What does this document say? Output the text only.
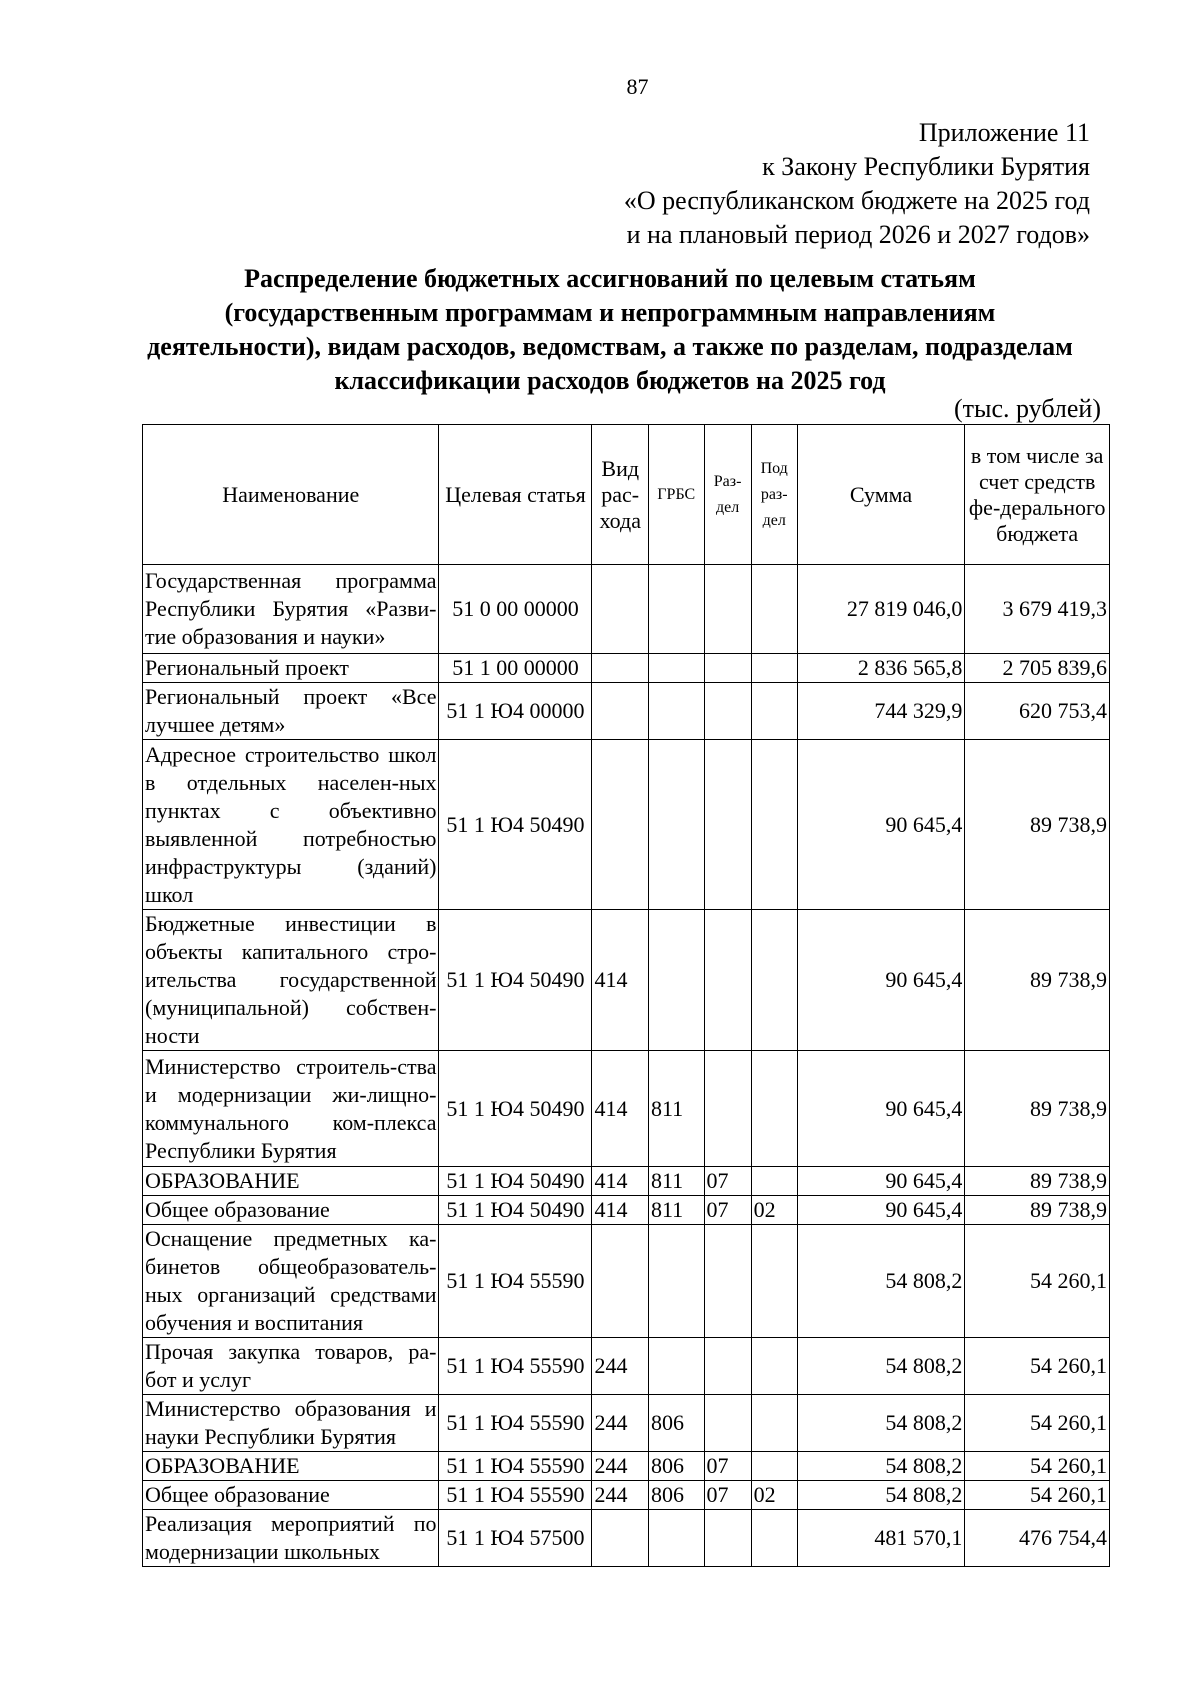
87
Приложение 11
к Закону Республики Бурятия
«О республиканском бюджете на 2025 год
и на плановый период 2026 и 2027 годов»
Распределение бюджетных ассигнований по целевым статьям (государственным программам и непрограммным направлениям деятельности), видам расходов, ведомствам, а также по разделам, подразделам классификации расходов бюджетов на 2025 год
(тыс. рублей)
Наименование	Целевая статья	Вид рас-хода	ГРБС	Раз-дел	Под раз-дел	Сумма	в том числе за счет средств фе-дерального бюджета
Государственная программа Республики Бурятия «Разви-тие образования и науки»	51 0 00 00000					27 819 046,0	3 679 419,3
Региональный проект	51 1 00 00000					2 836 565,8	2 705 839,6
Региональный проект «Все лучшее детям»	51 1 Ю4 00000					744 329,9	620 753,4
Адресное строительство школ в отдельных населен-ных пунктах с объективно выявленной потребностью инфраструктуры (зданий) школ	51 1 Ю4 50490					90 645,4	89 738,9
Бюджетные инвестиции в объекты капитального стро-ительства государственной (муниципальной) собствен-ности	51 1 Ю4 50490	414				90 645,4	89 738,9
Министерство строитель-ства и модернизации жи-лищно-коммунального ком-плекса Республики Бурятия	51 1 Ю4 50490	414	811			90 645,4	89 738,9
ОБРАЗОВАНИЕ	51 1 Ю4 50490	414	811	07		90 645,4	89 738,9
Общее образование	51 1 Ю4 50490	414	811	07	02	90 645,4	89 738,9
Оснащение предметных ка-бинетов общеобразователь-ных организаций средствами обучения и воспитания	51 1 Ю4 55590					54 808,2	54 260,1
Прочая закупка товаров, ра-бот и услуг	51 1 Ю4 55590	244				54 808,2	54 260,1
Министерство образования и науки Республики Бурятия	51 1 Ю4 55590	244	806			54 808,2	54 260,1
ОБРАЗОВАНИЕ	51 1 Ю4 55590	244	806	07		54 808,2	54 260,1
Общее образование	51 1 Ю4 55590	244	806	07	02	54 808,2	54 260,1
Реализация мероприятий по модернизации школьных	51 1 Ю4 57500					481 570,1	476 754,4
